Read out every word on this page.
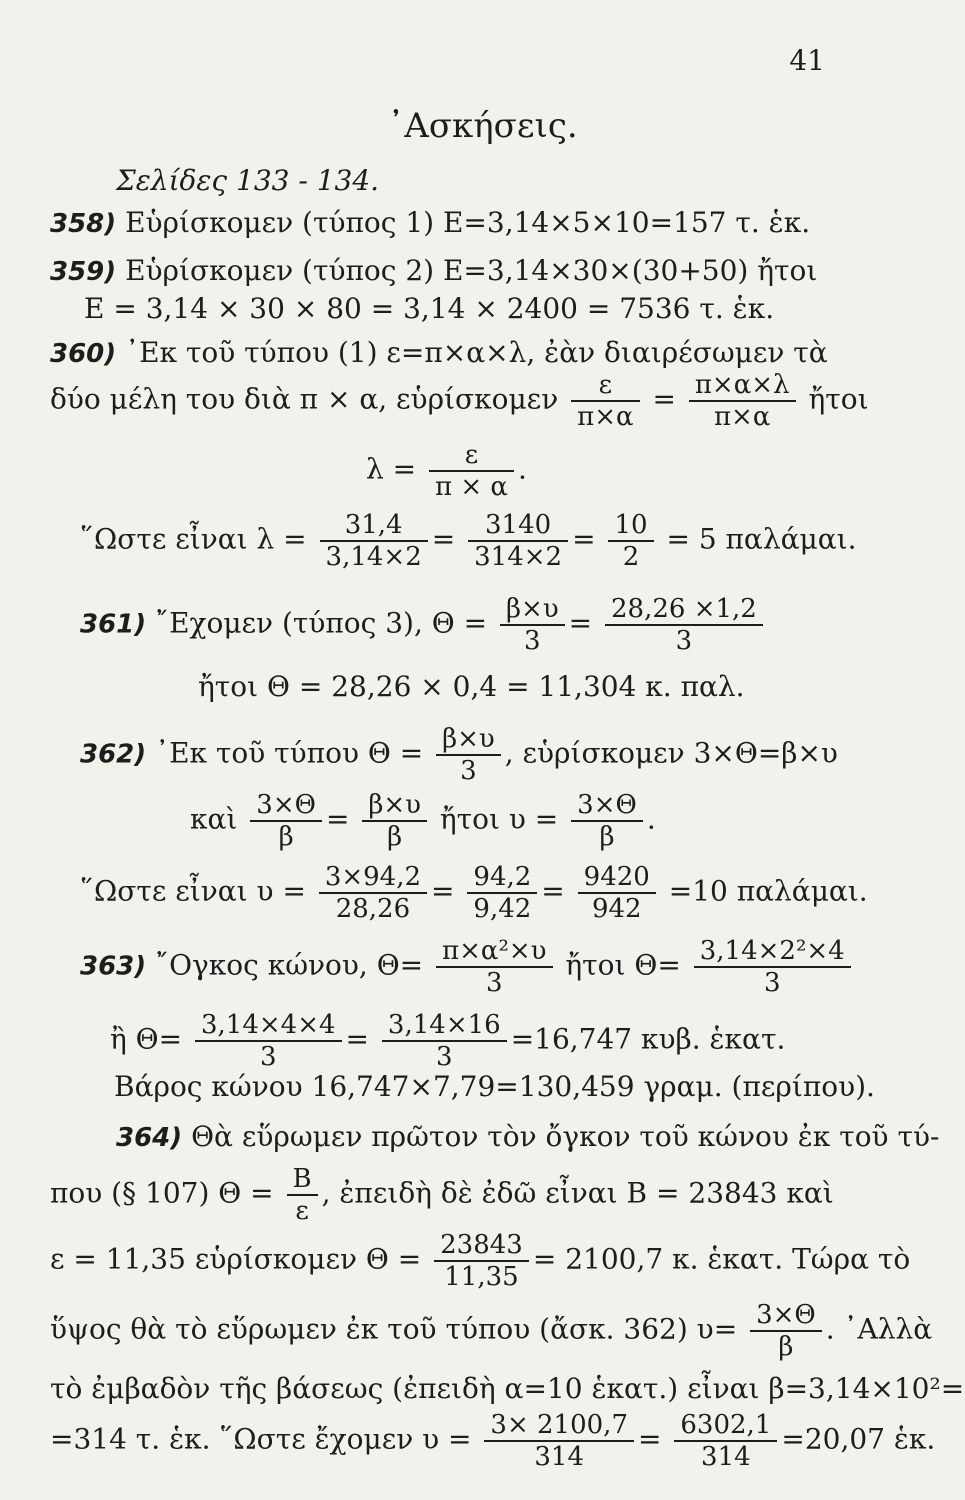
41
᾿Ασκήσεις.
Σελίδες 133 - 134.
358) Εὑρίσκομεν (τύπος 1) Ε=3,14×5×10=157 τ. ἑκ.
359) Εὑρίσκομεν (τύπος 2) Ε=3,14×30×(30+50) ἤτοι
Ε = 3,14 × 30 × 80 = 3,14 × 2400 = 7536 τ. ἑκ.
360) ᾿Εκ τοῦ τύπου (1) ε=π×α×λ, ἐὰν διαιρέσωμεν τὰ
δύο μέλη του διὰ π × α, εὑρίσκομεν $\frac{\varepsilon}{\pi\times\alpha} = \frac{\pi\times\alpha\times\lambda}{\pi\times\alpha}$ ἤτοι
$\lambda = \frac{\varepsilon}{\pi \times \alpha}$ .
῞Ωστε εἶναι $\lambda = \frac{31,4}{3,14\times 2} = \frac{3140}{314\times 2} = \frac{10}{2} = 5$ παλάμαι.
361) ῎Εχομεν (τύπος 3), $\Theta = \frac{\beta\times\upsilon}{3} = \frac{28,26 \times 1,2}{3}$
ἤτοι Θ = 28,26 × 0,4 = 11,304 κ. παλ.
362) ᾿Εκ τοῦ τύπου $\Theta = \frac{\beta\times\upsilon}{3}$ , εὑρίσκομεν 3×Θ=β×υ
καὶ $\frac{3\times\Theta}{\beta} = \frac{\beta\times\upsilon}{\beta}$ ἤτοι $\upsilon = \frac{3\times\Theta}{\beta}$ .
῞Ωστε εἶναι $\upsilon = \frac{3\times 94,2}{28,26} = \frac{94,2}{9,42} = \frac{9420}{942} =10$ παλάμαι.
363) ῎Ογκος κώνου, $\Theta= \frac{\text{π×α²×υ}}{3}$ ἤτοι $\Theta= \frac{\text{3,14×2²×4}}{3}$
ἢ $\Theta= \frac{3,14\times 4\times 4}{3} = \frac{3,14\times 16}{3} =16,747$ κυβ. ἑκατ.
Βάρος κώνου 16,747×7,79=130,459 γραμ. (περίπου).
364) Θὰ εὕρωμεν πρῶτον τὸν ὄγκον τοῦ κώνου ἐκ τοῦ τύ-
που (§ 107) $\Theta = \frac{B}{\varepsilon}$ , ἐπειδὴ δὲ ἐδῶ εἶναι Β = 23843 καὶ
ε = 11,35 εὑρίσκομεν $\Theta = \frac{23843}{11,35} = 2100,7$ κ. ἑκατ. Τώρα τὸ
ὕψος θὰ τὸ εὕρωμεν ἐκ τοῦ τύπου (ἄσκ. 362) $\upsilon= \frac{3\times\Theta}{\beta}$ . ᾿Αλλὰ
τὸ ἐμβαδὸν τῆς βάσεως (ἐπειδὴ α=10 ἑκατ.) εἶναι β=3,14×10²=
=314 τ. ἑκ. ῞Ωστε ἔχομεν $\upsilon = \frac{3\times 2100,7}{314} = \frac{6302,1}{314} =20,07$ ἑκ.
